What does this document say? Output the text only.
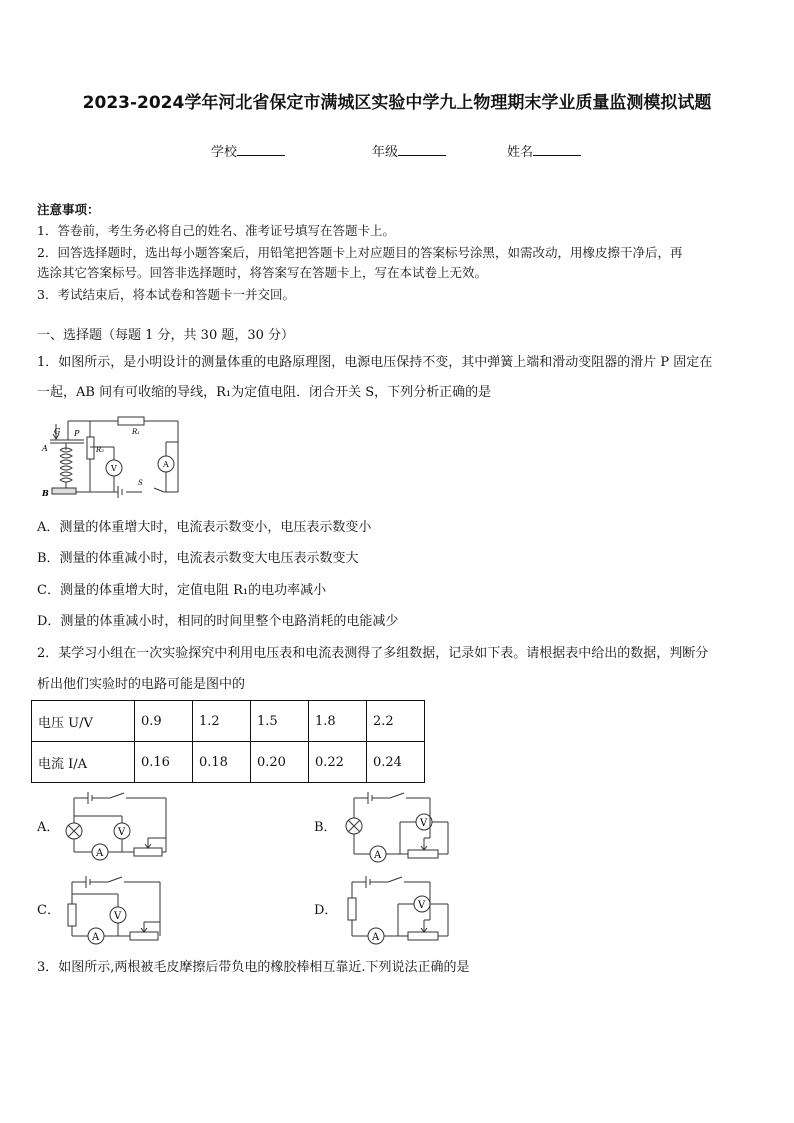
2023-2024学年河北省保定市满城区实验中学九上物理期末学业质量监测模拟试题
学校	年级	姓名
注意事项：
1．答卷前，考生务必将自己的姓名、准考证号填写在答题卡上。
2．回答选择题时，选出每小题答案后，用铅笔把答题卡上对应题目的答案标号涂黑，如需改动，用橡皮擦干净后，再
选涂其它答案标号。回答非选择题时，将答案写在答题卡上，写在本试卷上无效。
3．考试结束后，将本试卷和答题卡一并交回。
一、选择题（每题 1 分，共 30 题，30 分）
1．如图所示，是小明设计的测量体重的电路原理图，电源电压保持不变，其中弹簧上端和滑动变阻器的滑片 P 固定在
一起，AB 间有可收缩的导线，R₁为定值电阻．闭合开关 S，下列分析正确的是
G P
A
B
R₁
R₂
V	A
S
A．测量的体重增大时，电流表示数变小，电压表示数变小
B．测量的体重减小时，电流表示数变大电压表示数变大
C．测量的体重增大时，定值电阻 R₁的电功率减小
D．测量的体重减小时，相同的时间里整个电路消耗的电能减少
2．某学习小组在一次实验探究中利用电压表和电流表测得了多组数据，记录如下表。请根据表中给出的数据，判断分
析出他们实验时的电路可能是图中的
电压 U/V	0.9	1.2	1.5	1.8	2.2
电流 I/A	0.16	0.18	0.20	0.22	0.24
A．	B．
C．	D．
V
A
V
A
V
A
V
A
3．如图所示,两根被毛皮摩擦后带负电的橡胶棒相互靠近.下列说法正确的是
